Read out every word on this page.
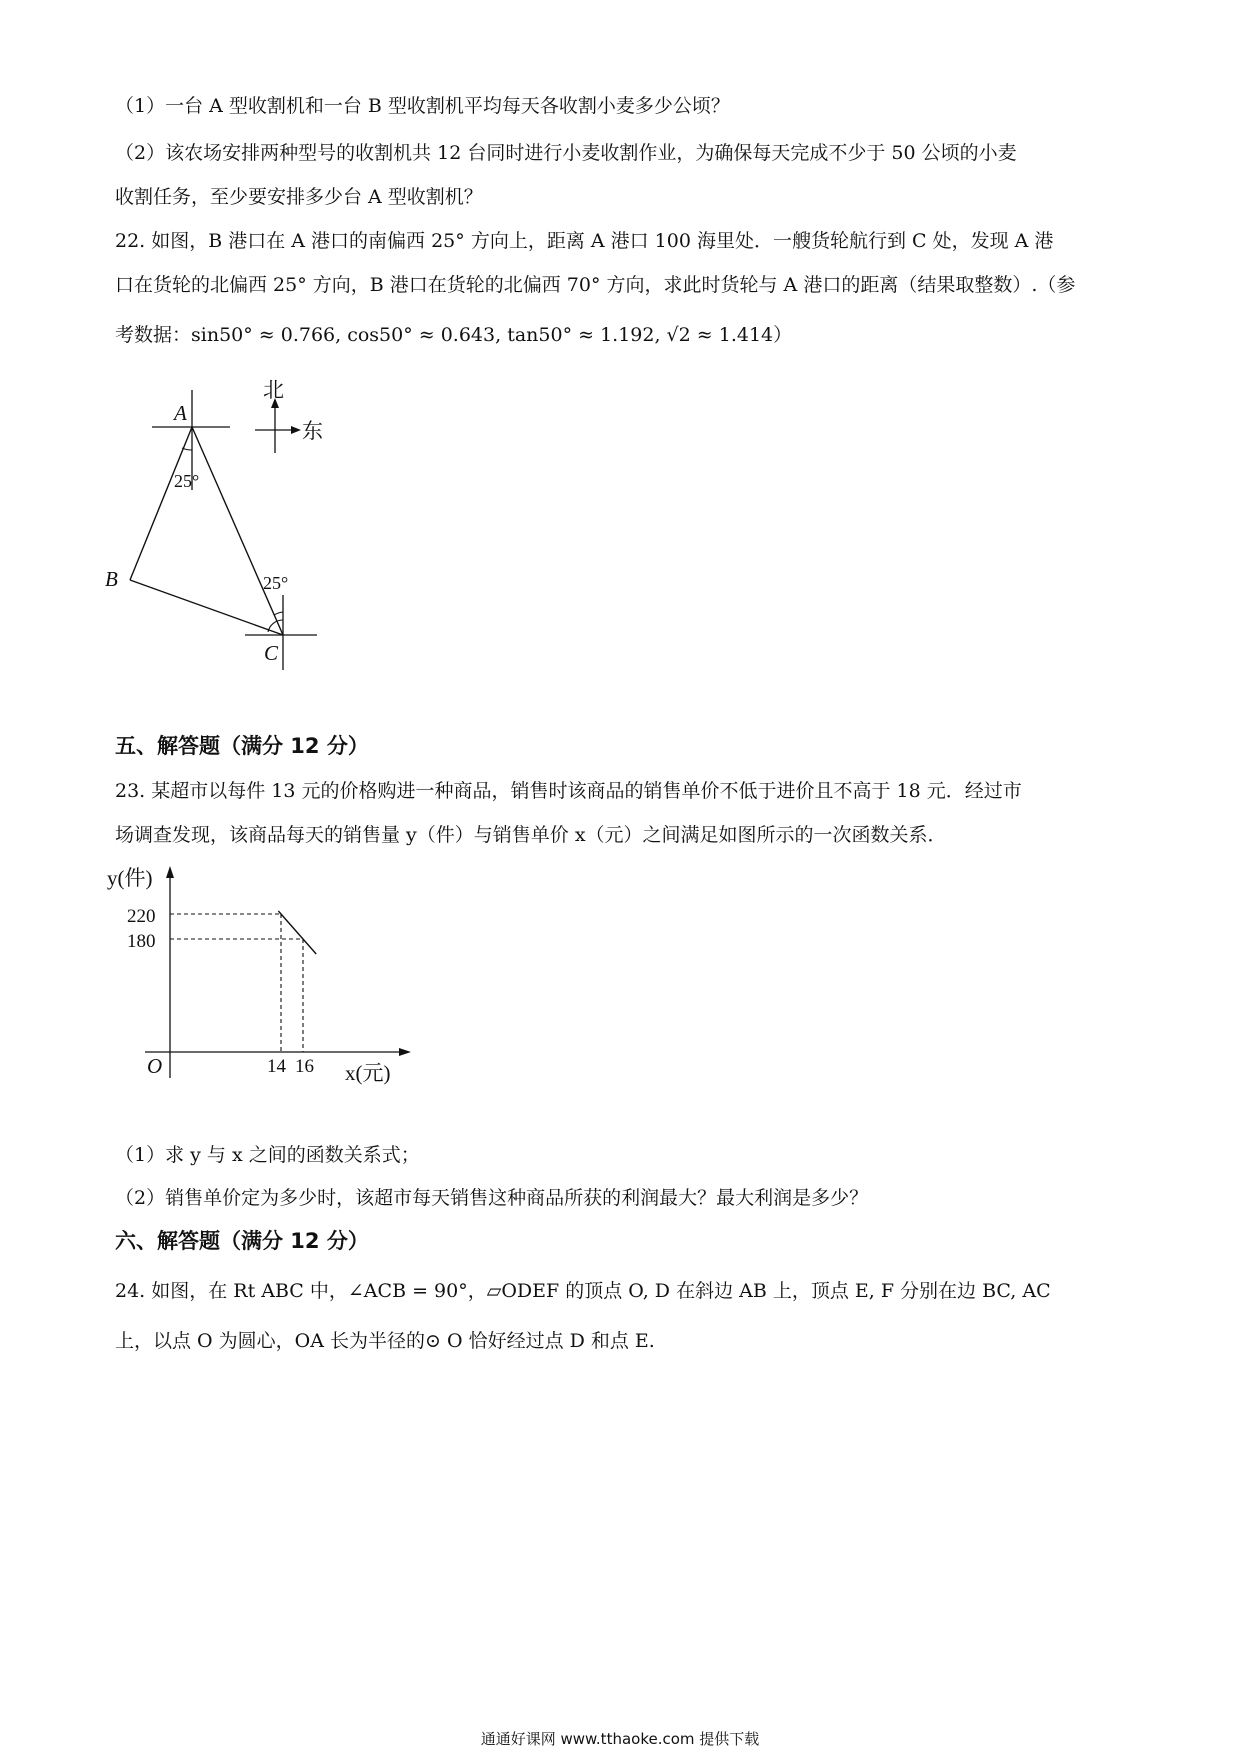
（1）一台 A 型收割机和一台 B 型收割机平均每天各收割小麦多少公顷？
（2）该农场安排两种型号的收割机共 12 台同时进行小麦收割作业，为确保每天完成不少于 50 公顷的小麦
收割任务，至少要安排多少台 A 型收割机？
22. 如图，B 港口在 A 港口的南偏西 25° 方向上，距离 A 港口 100 海里处．一艘货轮航行到 C 处，发现 A 港
口在货轮的北偏西 25° 方向，B 港口在货轮的北偏西 70° 方向，求此时货轮与 A 港口的距离（结果取整数）.（参
考数据：sin50° ≈ 0.766, cos50° ≈ 0.643, tan50° ≈ 1.192, √2 ≈ 1.414）
A
B
C
25°
25°
北
东
五、解答题（满分 12 分）
23. 某超市以每件 13 元的价格购进一种商品，销售时该商品的销售单价不低于进价且不高于 18 元．经过市
场调查发现，该商品每天的销售量 y（件）与销售单价 x（元）之间满足如图所示的一次函数关系．
y(件)
x(元)
O
220
180
14 16
（1）求 y 与 x 之间的函数关系式；
（2）销售单价定为多少时，该超市每天销售这种商品所获的利润最大？最大利润是多少？
六、解答题（满分 12 分）
24. 如图，在 Rt ABC 中，∠ACB = 90°，▱ODEF 的顶点 O, D 在斜边 AB 上，顶点 E, F 分别在边 BC, AC
上，以点 O 为圆心，OA 长为半径的⊙ O 恰好经过点 D 和点 E.
通通好课网 www.tthaoke.com 提供下载
